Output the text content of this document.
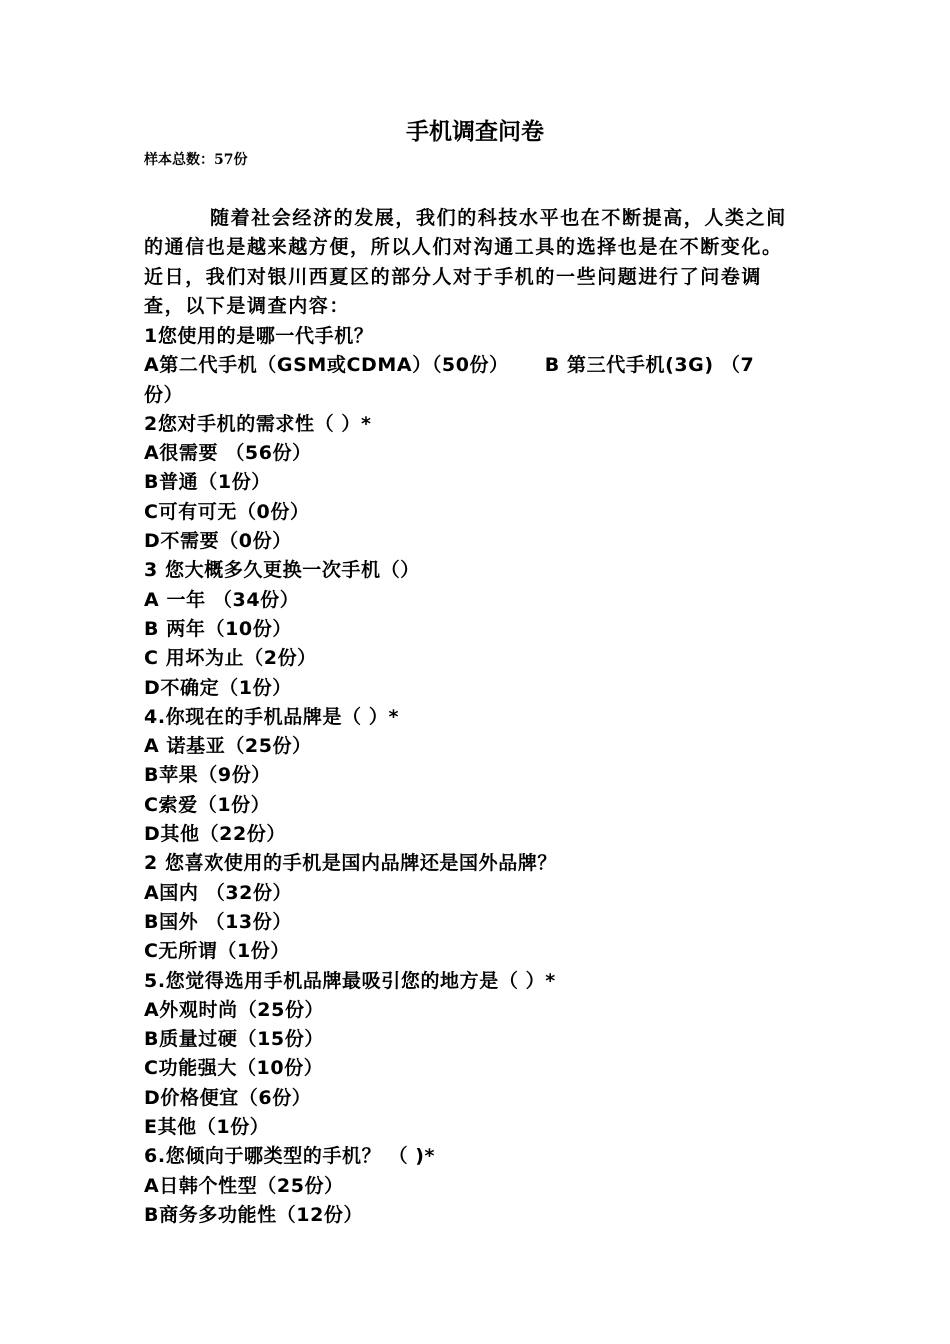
手机调查问卷
样本总数：57份
随着社会经济的发展，我们的科技水平也在不断提高，人类之间的通信也是越来越方便，所以人们对沟通工具的选择也是在不断变化。近日，我们对银川西夏区的部分人对于手机的一些问题进行了问卷调查，以下是调查内容：
1您使用的是哪一代手机？
A第二代手机（GSM或CDMA）（50份） B 第三代手机(3G) （7
份）
2您对手机的需求性（ ）*
A很需要 （56份）
B普通（1份）
C可有可无（0份）
D不需要（0份）
3 您大概多久更换一次手机（）
A 一年 （34份）
B 两年（10份）
C 用坏为止（2份）
D不确定（1份）
4.你现在的手机品牌是（ ）*
A 诺基亚（25份）
B苹果（9份）
C索爱（1份）
D其他（22份）
2 您喜欢使用的手机是国内品牌还是国外品牌？
A国内 （32份）
B国外 （13份）
C无所谓（1份）
5.您觉得选用手机品牌最吸引您的地方是（ ）*
A外观时尚（25份）
B质量过硬（15份）
C功能强大（10份）
D价格便宜（6份）
E其他（1份）
6.您倾向于哪类型的手机？ （ )*
A日韩个性型（25份）
B商务多功能性（12份）
